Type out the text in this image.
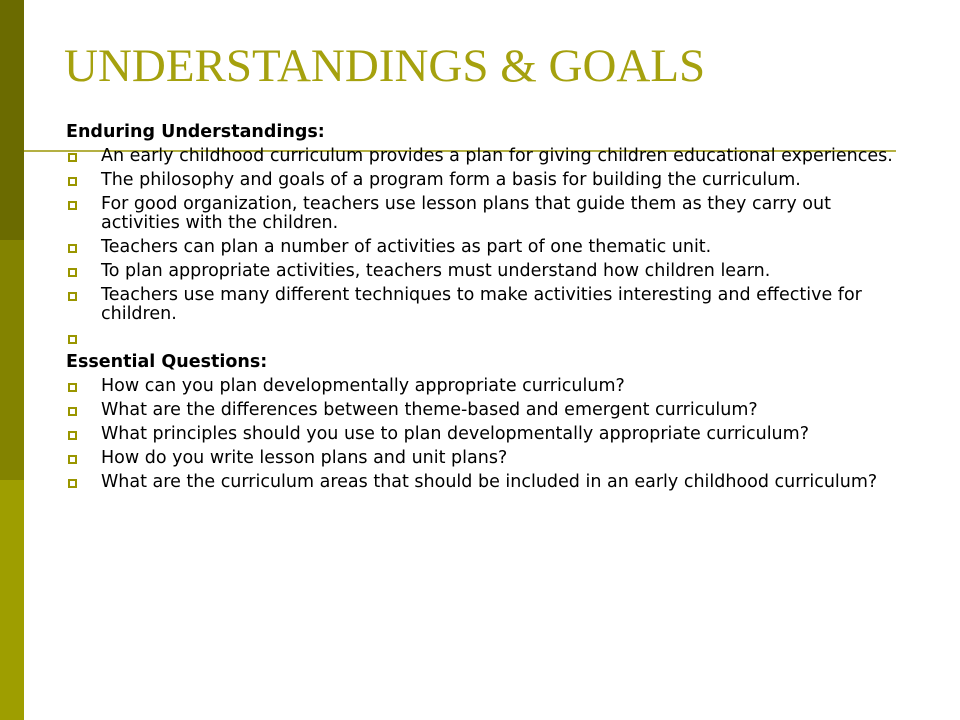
UNDERSTANDINGS & GOALS
Enduring Understandings:
An early childhood curriculum provides a plan for giving children educational experiences.
The philosophy and goals of a program form a basis for building the curriculum.
For good organization, teachers use lesson plans that guide them as they carry out activities with the children.
Teachers can plan a number of activities as part of one thematic unit.
To plan appropriate activities, teachers must understand how children learn.
Teachers use many different techniques to make activities interesting and effective for children.
Essential Questions:
How can you plan developmentally appropriate curriculum?
What are the differences between theme-based and emergent curriculum?
What principles should you use to plan developmentally appropriate curriculum?
How do you write lesson plans and unit plans?
What are the curriculum areas that should be included in an early childhood curriculum?
